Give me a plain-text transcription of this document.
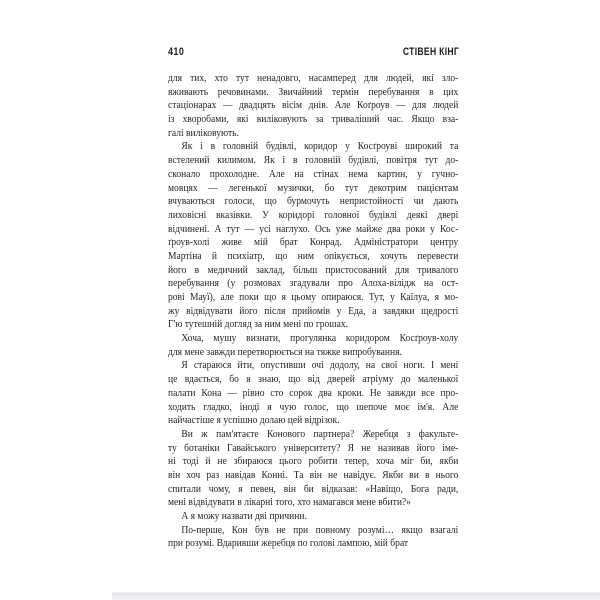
410	СТІВЕН КІНГ
для тих, хто тут ненадовго, насамперед для людей, які зло-
вживають речовинами. Звичайний термін перебування в цих
стаціонарах — двадцять вісім днів. Але Коґроув — для людей
із хворобами, які виліковують за триваліший час. Якщо вза-
галі виліковують.
Як і в головній будівлі, коридор у Косґроуві широкий та
встелений килимом. Як і в головній будівлі, повітря тут до-
сконало прохолодне. Але на стінах нема картин, у гучно-
мовцях — легенької музички, бо тут декотрим пацієнтам
вчуваються голоси, що бурмочуть непристойності чи дають
лиховісні вказівки. У коридорі головної будівлі деякі двері
відчинені. А тут — усі наглухо. Ось уже майже два роки у Кос-
ґроув-холі живе мій брат Конрад. Адміністратори центру
Мартіна й психіатр, що ним опікується, хочуть перевести
його в медичний заклад, більш пристосований для тривалого
перебування (у розмовах згадували про Алоха-вілідж на ост-
рові Мауї), але поки що я цьому опираюся. Тут, у Каїлуа, я мо-
жу відвідувати його після прийомів у Еда, а завдяки щедрості
Г'ю тутешній догляд за ним мені по грошах.
Хоча, мушу визнати, прогулянка коридором Косґроув-холу
для мене завжди перетворюється на тяжке випробування.
Я стараюся йти, опустивши очі додолу, на свої ноги. І мені
це вдається, бо я знаю, що від дверей атріуму до маленької
палати Кона — рівно сто сорок два кроки. Не завжди все про-
ходить гладко, іноді я чую голос, що шепоче моє ім'я. Але
найчастіше я успішно долаю цей відрізок.
Ви ж пам'ятаєте Конового партнера? Жеребця з факульте-
ту ботаніки Гавайського університету? Я не називав його іме-
ні тоді й не збираюся цього робити тепер, хоча міг би, якби
він хоч раз навідав Конні. Та він не навідує. Якби ви в нього
спитали чому, я певен, він би відказав: «Навіщо, Бога ради,
мені відвідувати в лікарні того, хто намагався мене вбити?»
А я можу назвати дві причини.
По-перше, Кон був не при повному розумі… якщо взагалі
при розумі. Вдаривши жеребця по голові лампою, мій брат
